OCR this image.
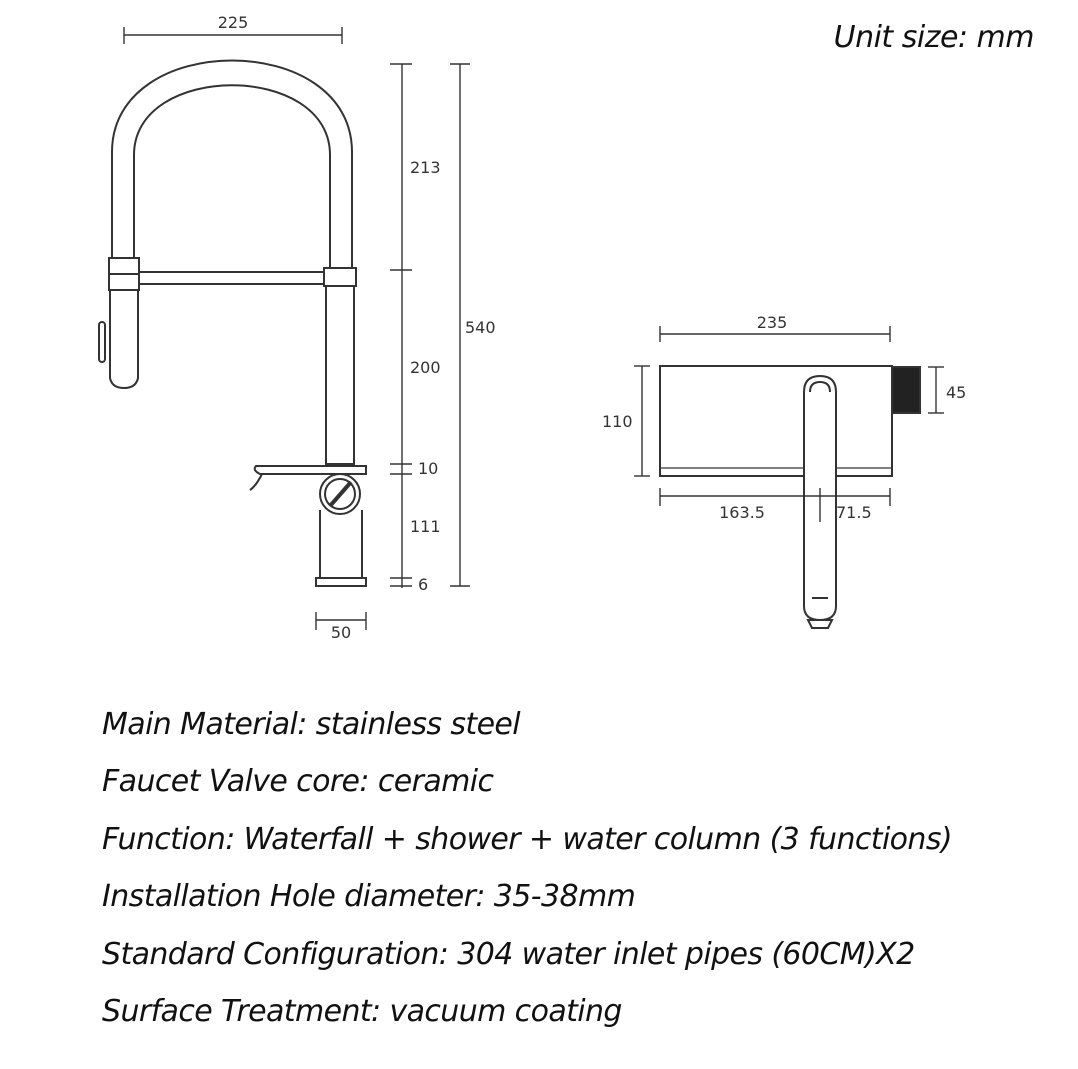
225
213
200
540
10
111
6
50
235
110
45
163.5	71.5
Unit size: mm
Main Material: stainless steel
Faucet Valve core: ceramic
Function: Waterfall + shower + water column (3 functions)
Installation Hole diameter: 35-38mm
Standard Configuration: 304 water inlet pipes (60CM)X2
Surface Treatment: vacuum coating
